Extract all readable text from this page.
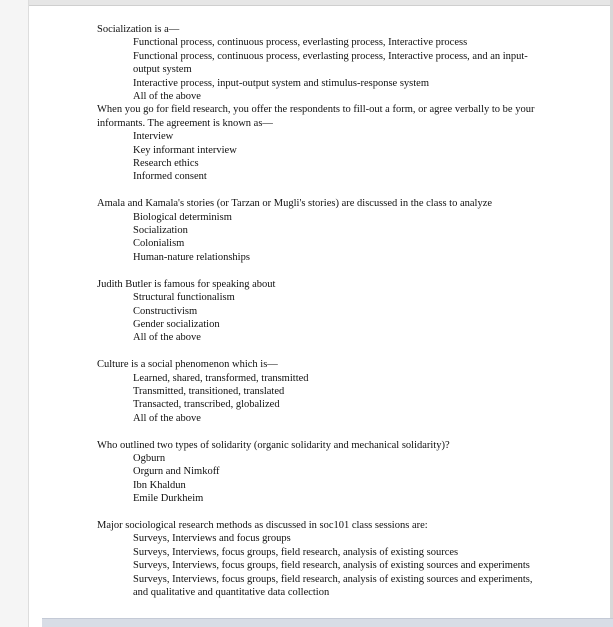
Socialization is a—

Functional process, continuous process, everlasting process, Interactive process
Functional process, continuous process, everlasting process, Interactive process, and an input-output system
Interactive process, input-output system and stimulus-response system
All of the above

When you go for field research, you offer the respondents to fill-out a form, or agree verbally to be your informants. The agreement is known as—

Interview
Key informant interview
Research ethics
Informed consent

Amala and Kamala's stories (or Tarzan or Mugli's stories) are discussed in the class to analyze

Biological determinism
Socialization
Colonialism
Human-nature relationships

Judith Butler is famous for speaking about

Structural functionalism
Constructivism
Gender socialization
All of the above

Culture is a social phenomenon which is—

Learned, shared, transformed, transmitted
Transmitted, transitioned, translated
Transacted, transcribed, globalized
All of the above

Who outlined two types of solidarity (organic solidarity and mechanical solidarity)?

Ogburn
Orgurn and Nimkoff
Ibn Khaldun
Emile Durkheim

Major sociological research methods as discussed in soc101 class sessions are:

Surveys, Interviews and focus groups
Surveys, Interviews, focus groups, field research, analysis of existing sources
Surveys, Interviews, focus groups, field research, analysis of existing sources and experiments
Surveys, Interviews, focus groups, field research, analysis of existing sources and experiments, and qualitative and quantitative data collection
